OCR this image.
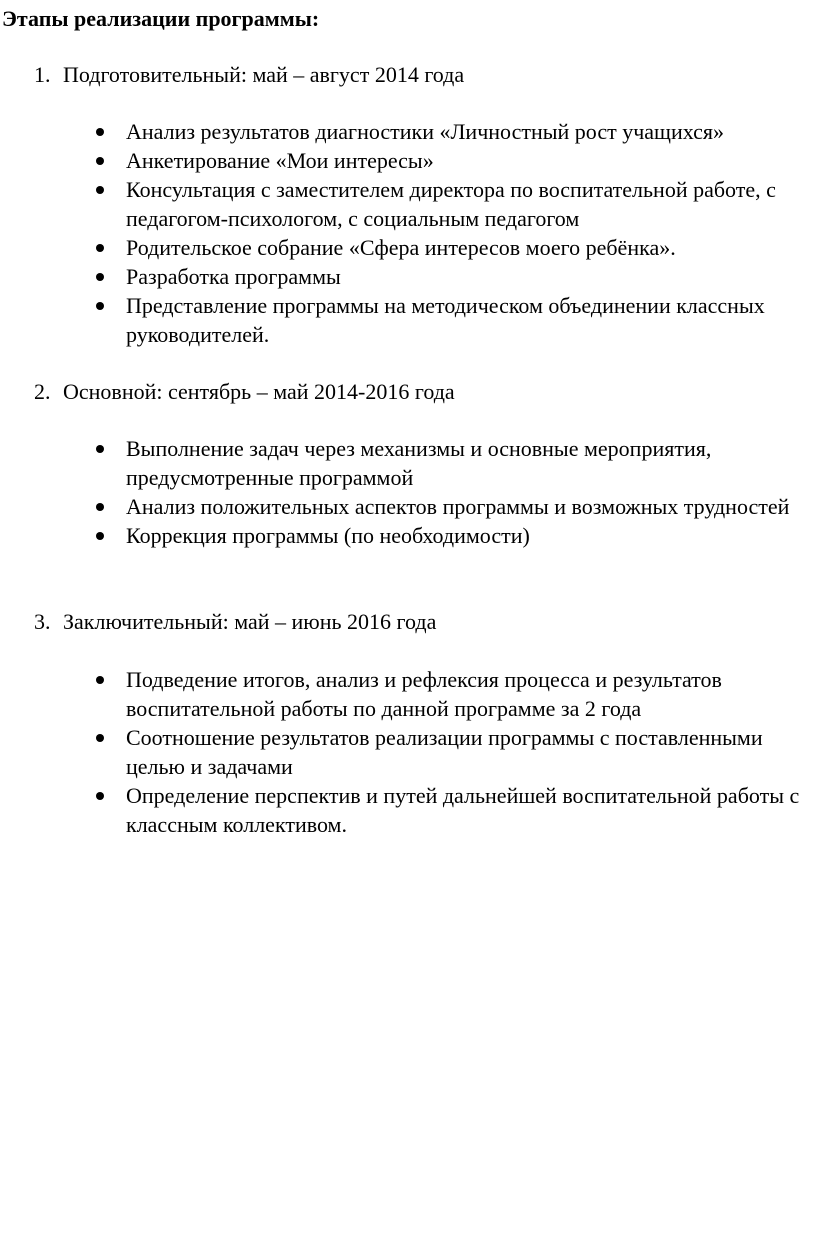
Этапы реализации программы:
1. Подготовительный: май – август 2014 года
Анализ результатов диагностики «Личностный рост учащихся»
Анкетирование «Мои интересы»
Консультация с заместителем директора по воспитательной работе, с педагогом-психологом, с социальным педагогом
Родительское собрание «Сфера интересов моего ребёнка».
Разработка программы
Представление программы на методическом объединении классных руководителей.
2. Основной: сентябрь – май 2014-2016 года
Выполнение задач через механизмы и основные мероприятия, предусмотренные программой
Анализ положительных аспектов программы и возможных трудностей
Коррекция программы (по необходимости)
3. Заключительный: май – июнь 2016 года
Подведение итогов, анализ и рефлексия процесса и результатов воспитательной работы по данной программе за 2 года
Соотношение результатов реализации программы с поставленными целью и задачами
Определение перспектив и путей дальнейшей воспитательной работы с классным коллективом.
